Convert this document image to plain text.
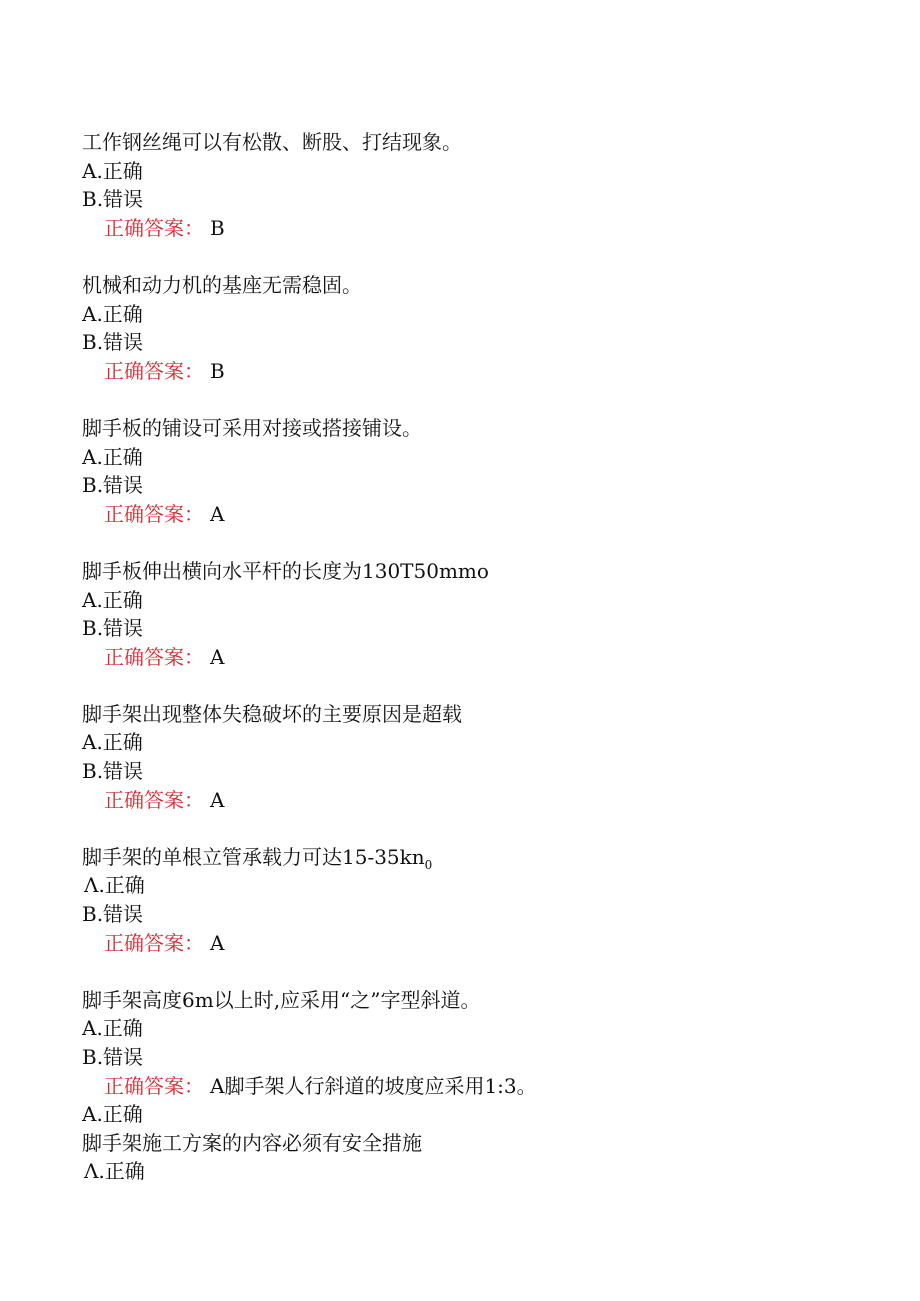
工作钢丝绳可以有松散、断股、打结现象。
A.正确
B.错误
正确答案： B
机械和动力机的基座无需稳固。
A.正确
B.错误
正确答案： B
脚手板的铺设可采用对接或搭接铺设。
A.正确
B.错误
正确答案： A
脚手板伸出横向水平杆的长度为130T50mmo
A.正确
B.错误
正确答案： A
脚手架出现整体失稳破坏的主要原因是超载
A.正确
B.错误
正确答案： A
脚手架的单根立管承载力可达$15-35kn_0$
Λ.正确
B.错误
正确答案： A
脚手架高度6m以上时,应采用“之”字型斜道。
A.正确
B.错误
正确答案： A脚手架人行斜道的坡度应采用1:3。
A.正确
脚手架施工方案的内容必须有安全措施
Λ.正确
